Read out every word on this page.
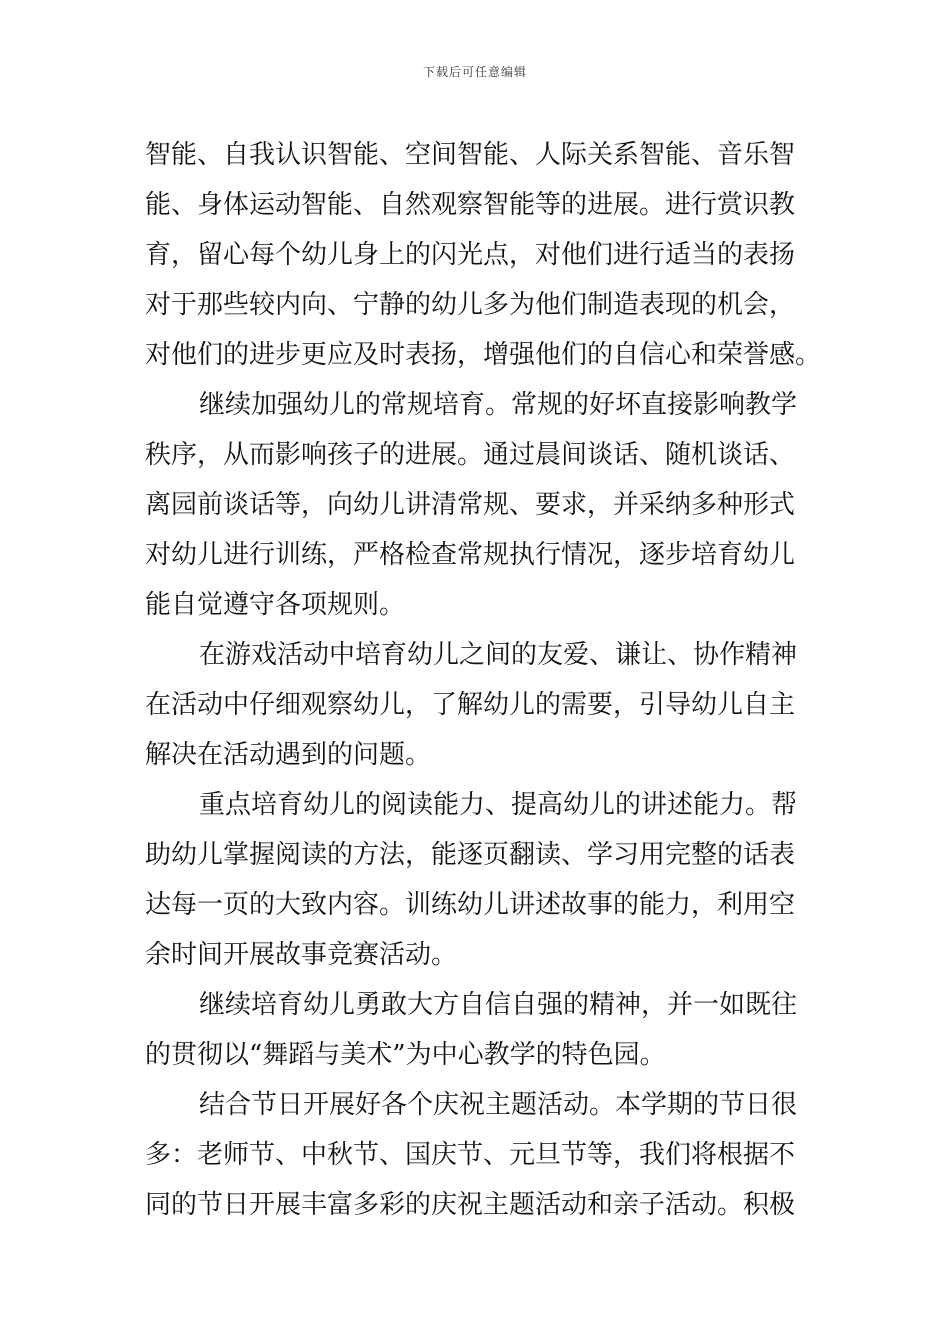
下载后可任意编辑
智能、自我认识智能、空间智能、人际关系智能、音乐智
能、身体运动智能、自然观察智能等的进展。进行赏识教
育，留心每个幼儿身上的闪光点，对他们进行适当的表扬
对于那些较内向、宁静的幼儿多为他们制造表现的机会，
对他们的进步更应及时表扬，增强他们的自信心和荣誉感。
继续加强幼儿的常规培育。常规的好坏直接影响教学
秩序，从而影响孩子的进展。通过晨间谈话、随机谈话、
离园前谈话等，向幼儿讲清常规、要求，并采纳多种形式
对幼儿进行训练，严格检查常规执行情况，逐步培育幼儿
能自觉遵守各项规则。
在游戏活动中培育幼儿之间的友爱、谦让、协作精神
在活动中仔细观察幼儿，了解幼儿的需要，引导幼儿自主
解决在活动遇到的问题。
重点培育幼儿的阅读能力、提高幼儿的讲述能力。帮
助幼儿掌握阅读的方法，能逐页翻读、学习用完整的话表
达每一页的大致内容。训练幼儿讲述故事的能力，利用空
余时间开展故事竞赛活动。
继续培育幼儿勇敢大方自信自强的精神，并一如既往
的贯彻以“舞蹈与美术”为中心教学的特色园。
结合节日开展好各个庆祝主题活动。本学期的节日很
多：老师节、中秋节、国庆节、元旦节等，我们将根据不
同的节日开展丰富多彩的庆祝主题活动和亲子活动。积极
